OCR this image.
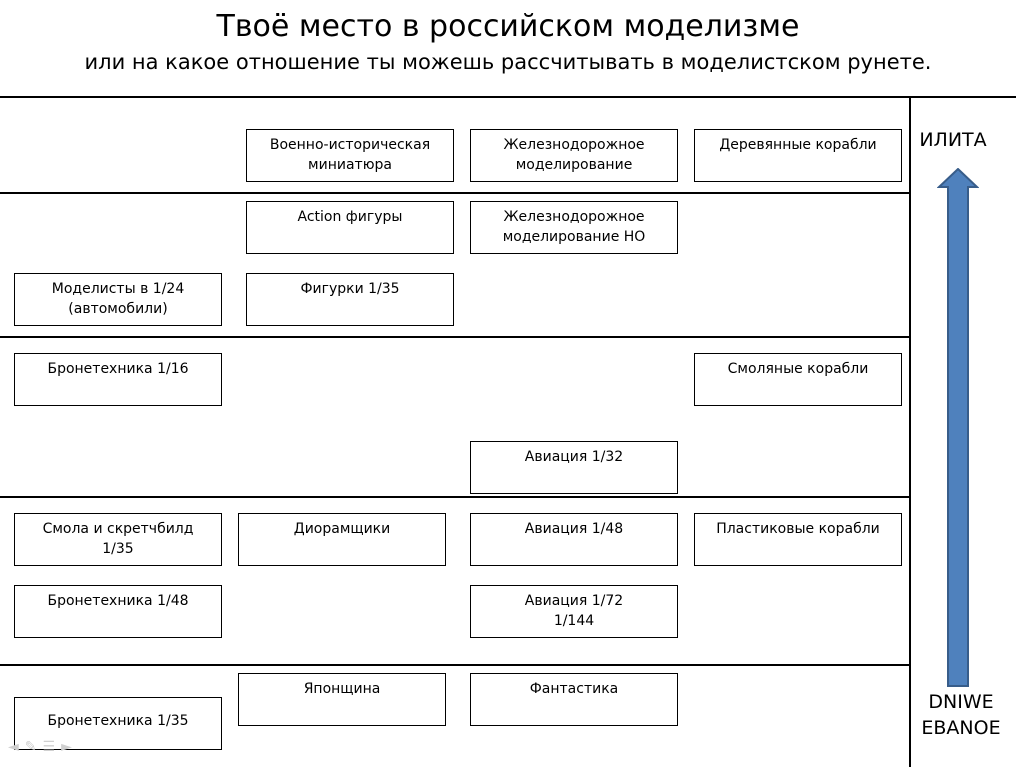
Твоё место в российском моделизме
или на какое отношение ты можешь рассчитывать в моделистском рунете.
Военно-историческая
миниатюра
Железнодорожное
моделирование
Деревянные корабли
Action фигуры	Железнодорожное
моделирование НО
Моделисты в 1/24
(автомобили)
Фигурки 1/35
Бронетехника 1/16	Смоляные корабли
Авиация 1/32
Смола и скретчбилд
1/35
Диорамщики	Авиация 1/48	Пластиковые корабли
Бронетехника 1/48	Авиация 1/72
1/144
Японщина	Фантастика
Бронетехника 1/35
ИЛИТА
DNIWE
EBANOE
◄✎☰►
